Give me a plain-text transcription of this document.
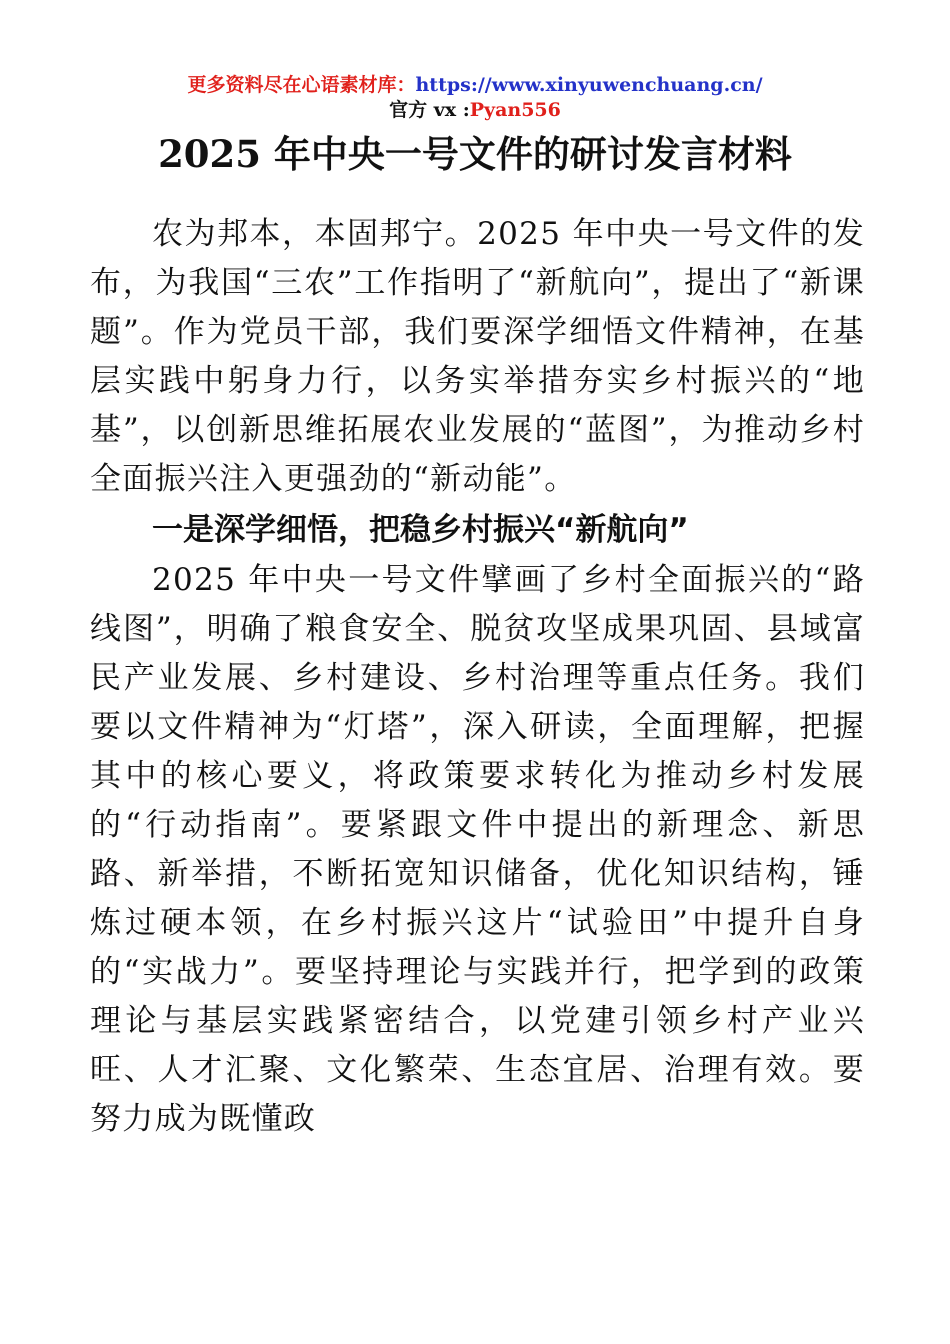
更多资料尽在心语素材库：https://www.xinyuwenchuang.cn/
官方 vx :Pyan556
2025 年中央一号文件的研讨发言材料

农为邦本，本固邦宁。2025 年中央一号文件的发布，为我国“三农”工作指明了“新航向”，提出了“新课题”。作为党员干部，我们要深学细悟文件精神，在基层实践中躬身力行，以务实举措夯实乡村振兴的“地基”，以创新思维拓展农业发展的“蓝图”，为推动乡村全面振兴注入更强劲的“新动能”。

一是深学细悟，把稳乡村振兴“新航向”

2025 年中央一号文件擘画了乡村全面振兴的“路线图”，明确了粮食安全、脱贫攻坚成果巩固、县域富民产业发展、乡村建设、乡村治理等重点任务。我们要以文件精神为“灯塔”，深入研读，全面理解，把握其中的核心要义，将政策要求转化为推动乡村发展的“行动指南”。要紧跟文件中提出的新理念、新思路、新举措，不断拓宽知识储备，优化知识结构，锤炼过硬本领，在乡村振兴这片“试验田”中提升自身的“实战力”。要坚持理论与实践并行，把学到的政策理论与基层实践紧密结合，以党建引领乡村产业兴旺、人才汇聚、文化繁荣、生态宜居、治理有效。要努力成为既懂政
